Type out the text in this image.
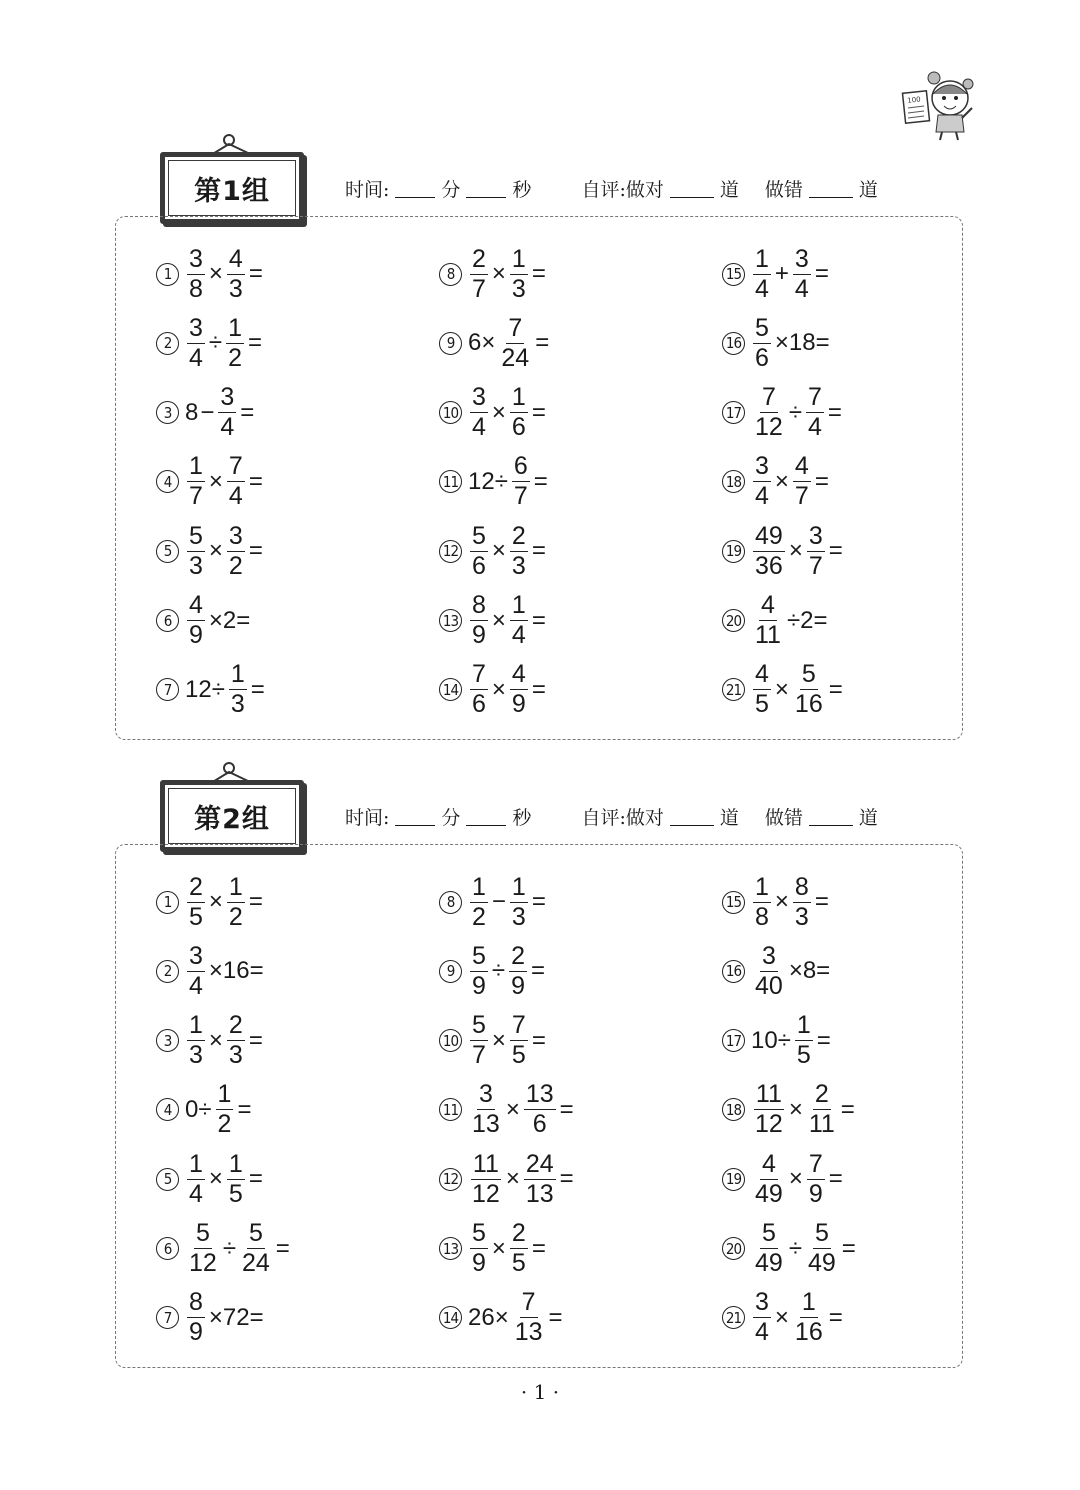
100
第1组	时间:	分	秒	自评:做对	道 做错	道
$1 \frac{3}{8} \times \frac{4}{3}$ =
$2 \frac{3}{4} \div \frac{1}{2}$ =
3 $8 - \frac{3}{4}$ =
$4 \frac{1}{7} \times \frac{7}{4}$ =
$5 \frac{5}{3} \times \frac{3}{2}$ =
$6 \frac{4}{9} \times 2=$
7 $12\div \frac{1}{3}$ =
$8 \frac{2}{7} \times \frac{1}{3}$ =
9 $6\times \frac{7}{24}$ =
$10 \frac{3}{4} \times \frac{1}{6}$ =
11 $12\div \frac{6}{7}$ =
$12 \frac{5}{6} \times \frac{2}{3}$ =
$13 \frac{8}{9} \times \frac{1}{4}$ =
$14 \frac{7}{6} \times \frac{4}{9}$ =
$15 \frac{1}{4} + \frac{3}{4}$ =
$16 \frac{5}{6} \times 18=$
$17 \frac{7}{12} \div \frac{7}{4}$ =
$18 \frac{3}{4} \times \frac{4}{7}$ =
$19 \frac{49}{36} \times \frac{3}{7}$ =
$20 \frac{4}{11} \div 2=$
$21 \frac{4}{5} \times \frac{5}{16}$ =
第2组	时间:	分	秒	自评:做对	道 做错	道
$1 \frac{2}{5} \times \frac{1}{2}$ =
$2 \frac{3}{4} \times 16=$
$3 \frac{1}{3} \times \frac{2}{3}$ =
4 $0\div \frac{1}{2}$ =
$5 \frac{1}{4} \times \frac{1}{5}$ =
$6 \frac{5}{12} \div \frac{5}{24}$ =
$7 \frac{8}{9} \times 72=$
$8 \frac{1}{2} - \frac{1}{3}$ =
$9 \frac{5}{9} \div \frac{2}{9}$ =
$10 \frac{5}{7} \times \frac{7}{5}$ =
$11 \frac{3}{13} \times \frac{13}{6}$ =
$12 \frac{11}{12} \times \frac{24}{13}$ =
$13 \frac{5}{9} \times \frac{2}{5}$ =
14 $26\times \frac{7}{13}$ =
$15 \frac{1}{8} \times \frac{8}{3}$ =
$16 \frac{3}{40} \times 8=$
17 $10\div \frac{1}{5}$ =
$18 \frac{11}{12} \times \frac{2}{11}$ =
$19 \frac{4}{49} \times \frac{7}{9}$ =
$20 \frac{5}{49} \div \frac{5}{49}$ =
$21 \frac{3}{4} \times \frac{1}{16}$ =
· 1 ·
